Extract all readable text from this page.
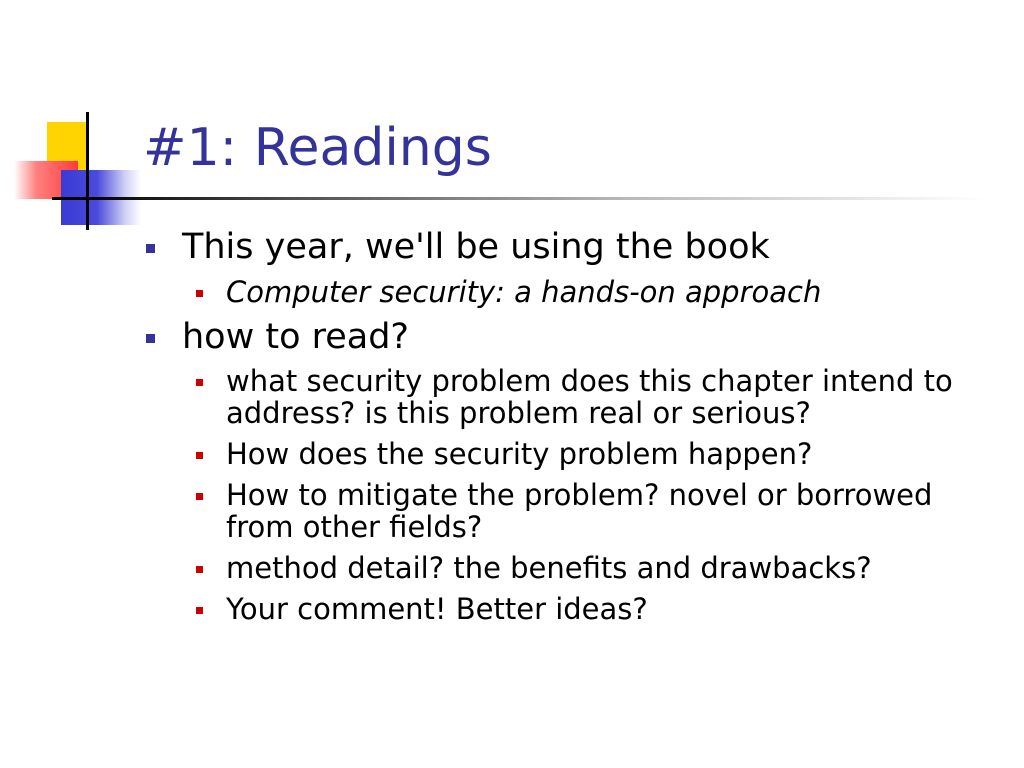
#1: Readings
This year, we'll be using the book
Computer security: a hands-on approach
how to read?
what security problem does this chapter intend to address? is this problem real or serious?
How does the security problem happen?
How to mitigate the problem? novel or borrowed from other fields?
method detail? the benefits and drawbacks?
Your comment! Better ideas?
